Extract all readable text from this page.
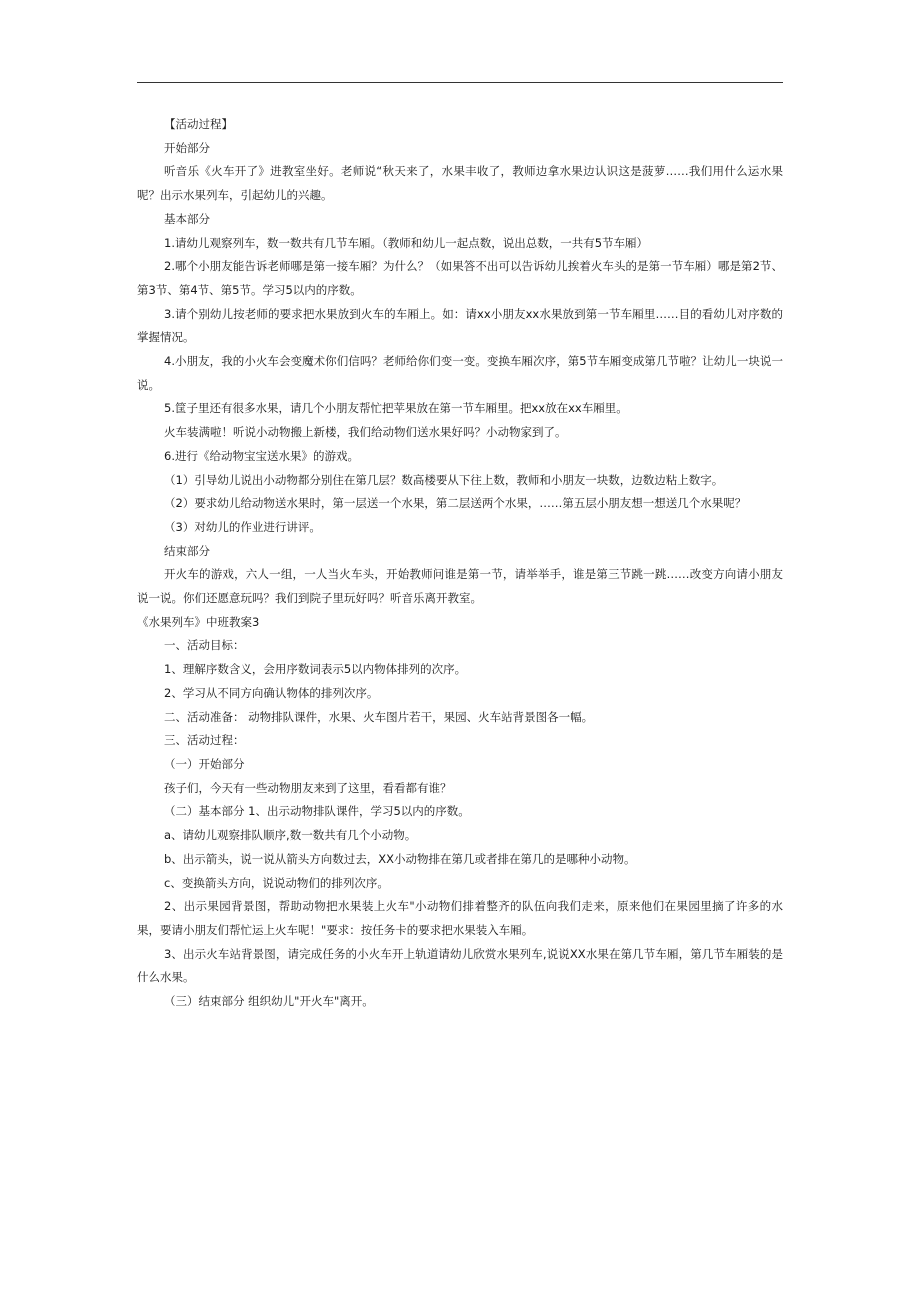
【活动过程】

开始部分

听音乐《火车开了》进教室坐好。老师说“秋天来了，水果丰收了，教师边拿水果边认识这是菠萝……我们用什么运水果呢？出示水果列车，引起幼儿的兴趣。

基本部分

1.请幼儿观察列车，数一数共有几节车厢。（教师和幼儿一起点数，说出总数，一共有5节车厢）

2.哪个小朋友能告诉老师哪是第一接车厢？为什么？（如果答不出可以告诉幼儿挨着火车头的是第一节车厢）哪是第2节、第3节、第4节、第5节。学习5以内的序数。

3.请个别幼儿按老师的要求把水果放到火车的车厢上。如：请xx小朋友xx水果放到第一节车厢里……目的看幼儿对序数的掌握情况。

4.小朋友，我的小火车会变魔术你们信吗？老师给你们变一变。变换车厢次序，第5节车厢变成第几节啦？让幼儿一块说一说。

5.筐子里还有很多水果，请几个小朋友帮忙把苹果放在第一节车厢里。把xx放在xx车厢里。

火车装满啦！听说小动物搬上新楼，我们给动物们送水果好吗？小动物家到了。

6.进行《给动物宝宝送水果》的游戏。

（1）引导幼儿说出小动物都分别住在第几层？数高楼要从下往上数，教师和小朋友一块数，边数边粘上数字。

（2）要求幼儿给动物送水果时，第一层送一个水果，第二层送两个水果，……第五层小朋友想一想送几个水果呢？

（3）对幼儿的作业进行讲评。

结束部分

开火车的游戏，六人一组，一人当火车头，开始教师问谁是第一节，请举举手，谁是第三节跳一跳……改变方向请小朋友说一说。你们还愿意玩吗？我们到院子里玩好吗？听音乐离开教室。

《水果列车》中班教案3

一、活动目标：

1、理解序数含义，会用序数词表示5以内物体排列的次序。

2、学习从不同方向确认物体的排列次序。

二、活动准备： 动物排队课件，水果、火车图片若干，果园、火车站背景图各一幅。

三、活动过程：

（一）开始部分

孩子们，今天有一些动物朋友来到了这里，看看都有谁？

（二）基本部分 1、出示动物排队课件，学习5以内的序数。

a、请幼儿观察排队顺序,数一数共有几个小动物。

b、出示箭头，说一说从箭头方向数过去，XX小动物排在第几或者排在第几的是哪种小动物。

c、变换箭头方向，说说动物们的排列次序。

2、出示果园背景图，帮助动物把水果装上火车"小动物们排着整齐的队伍向我们走来，原来他们在果园里摘了许多的水果，要请小朋友们帮忙运上火车呢！"要求：按任务卡的要求把水果装入车厢。

3、出示火车站背景图，请完成任务的小火车开上轨道请幼儿欣赏水果列车,说说XX水果在第几节车厢，第几节车厢装的是什么水果。

（三）结束部分 组织幼儿"开火车"离开。
